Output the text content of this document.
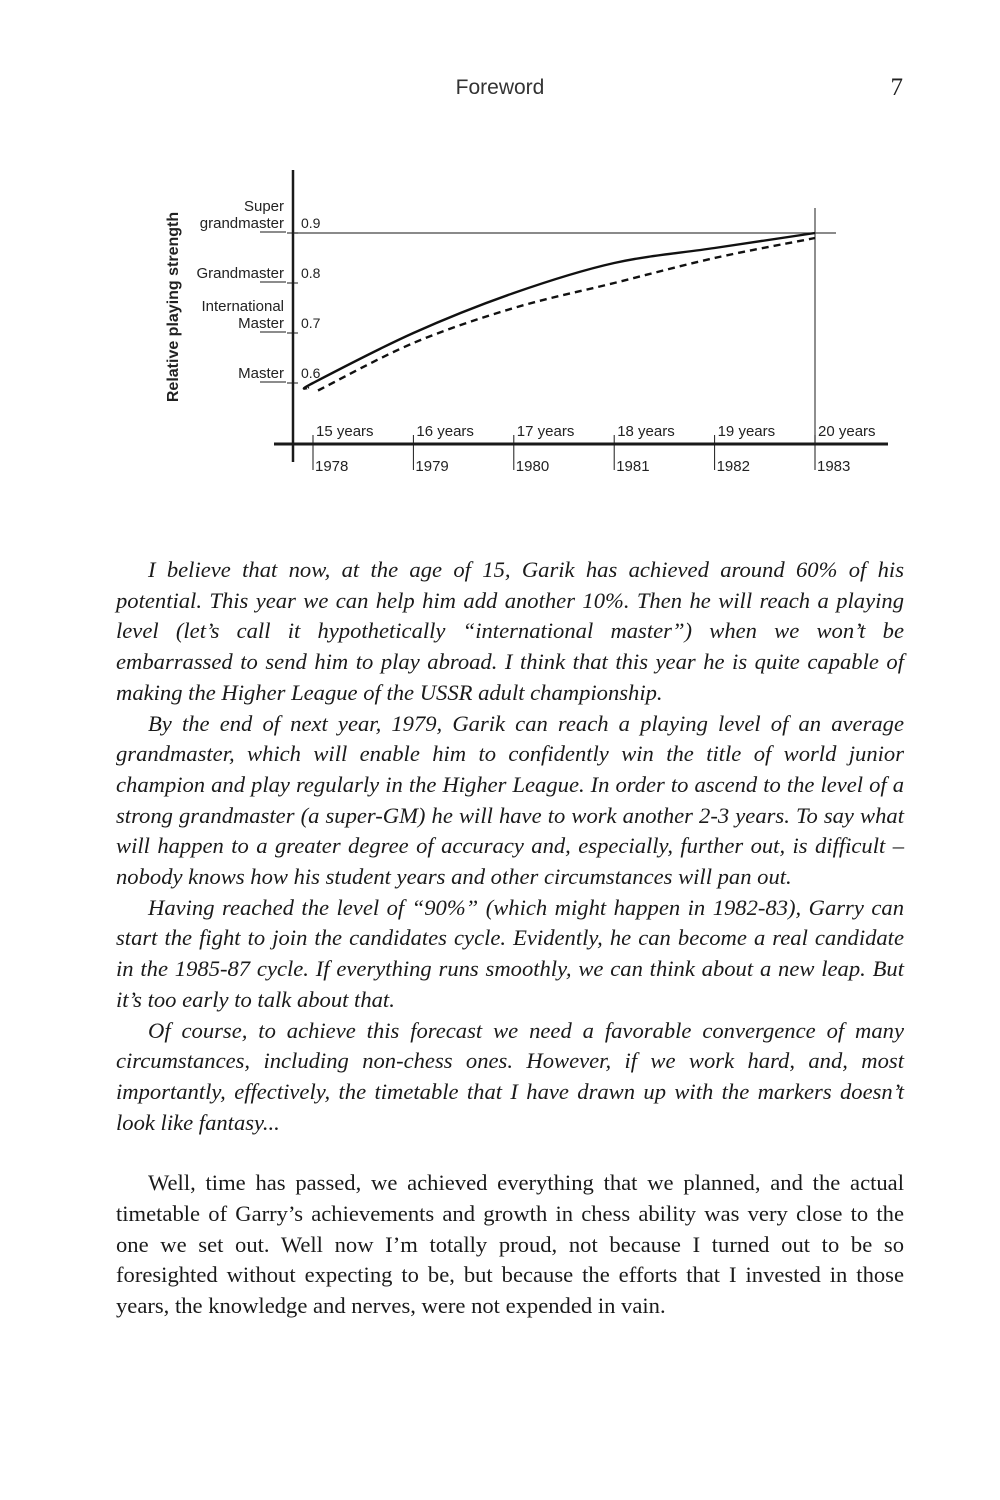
Foreword	7
0.6
0.7
0.8
0.9
Master
International
Master
Grandmaster
Super
grandmaster
Relative playing strength
15 years
1978
16 years
1979
17 years
1980
18 years
1981
19 years
1982
20 years
1983

I believe that now, at the age of 15, Garik has achieved around 60% of his potential. This year we can help him add another 10%. Then he will reach a playing level (let’s call it hypothetically “international master”) when we won’t be embarrassed to send him to play abroad. I think that this year he is quite capable of making the Higher League of the USSR adult championship.

By the end of next year, 1979, Garik can reach a playing level of an average grandmaster, which will enable him to confidently win the title of world junior champion and play regularly in the Higher League. In order to ascend to the level of a strong grandmaster (a super-GM) he will have to work another 2-3 years. To say what will happen to a greater degree of accuracy and, especially, further out, is difficult – nobody knows how his student years and other circumstances will pan out.

Having reached the level of “90%” (which might happen in 1982-83), Garry can start the fight to join the candidates cycle. Evidently, he can become a real candidate in the 1985-87 cycle. If everything runs smoothly, we can think about a new leap. But it’s too early to talk about that.

Of course, to achieve this forecast we need a favorable convergence of many circumstances, including non-chess ones. However, if we work hard, and, most importantly, effectively, the timetable that I have drawn up with the markers doesn’t look like fantasy...

Well, time has passed, we achieved everything that we planned, and the actual timetable of Garry’s achievements and growth in chess ability was very close to the one we set out. Well now I’m totally proud, not because I turned out to be so foresighted without expecting to be, but because the efforts that I invested in those years, the knowledge and nerves, were not expended in vain.
